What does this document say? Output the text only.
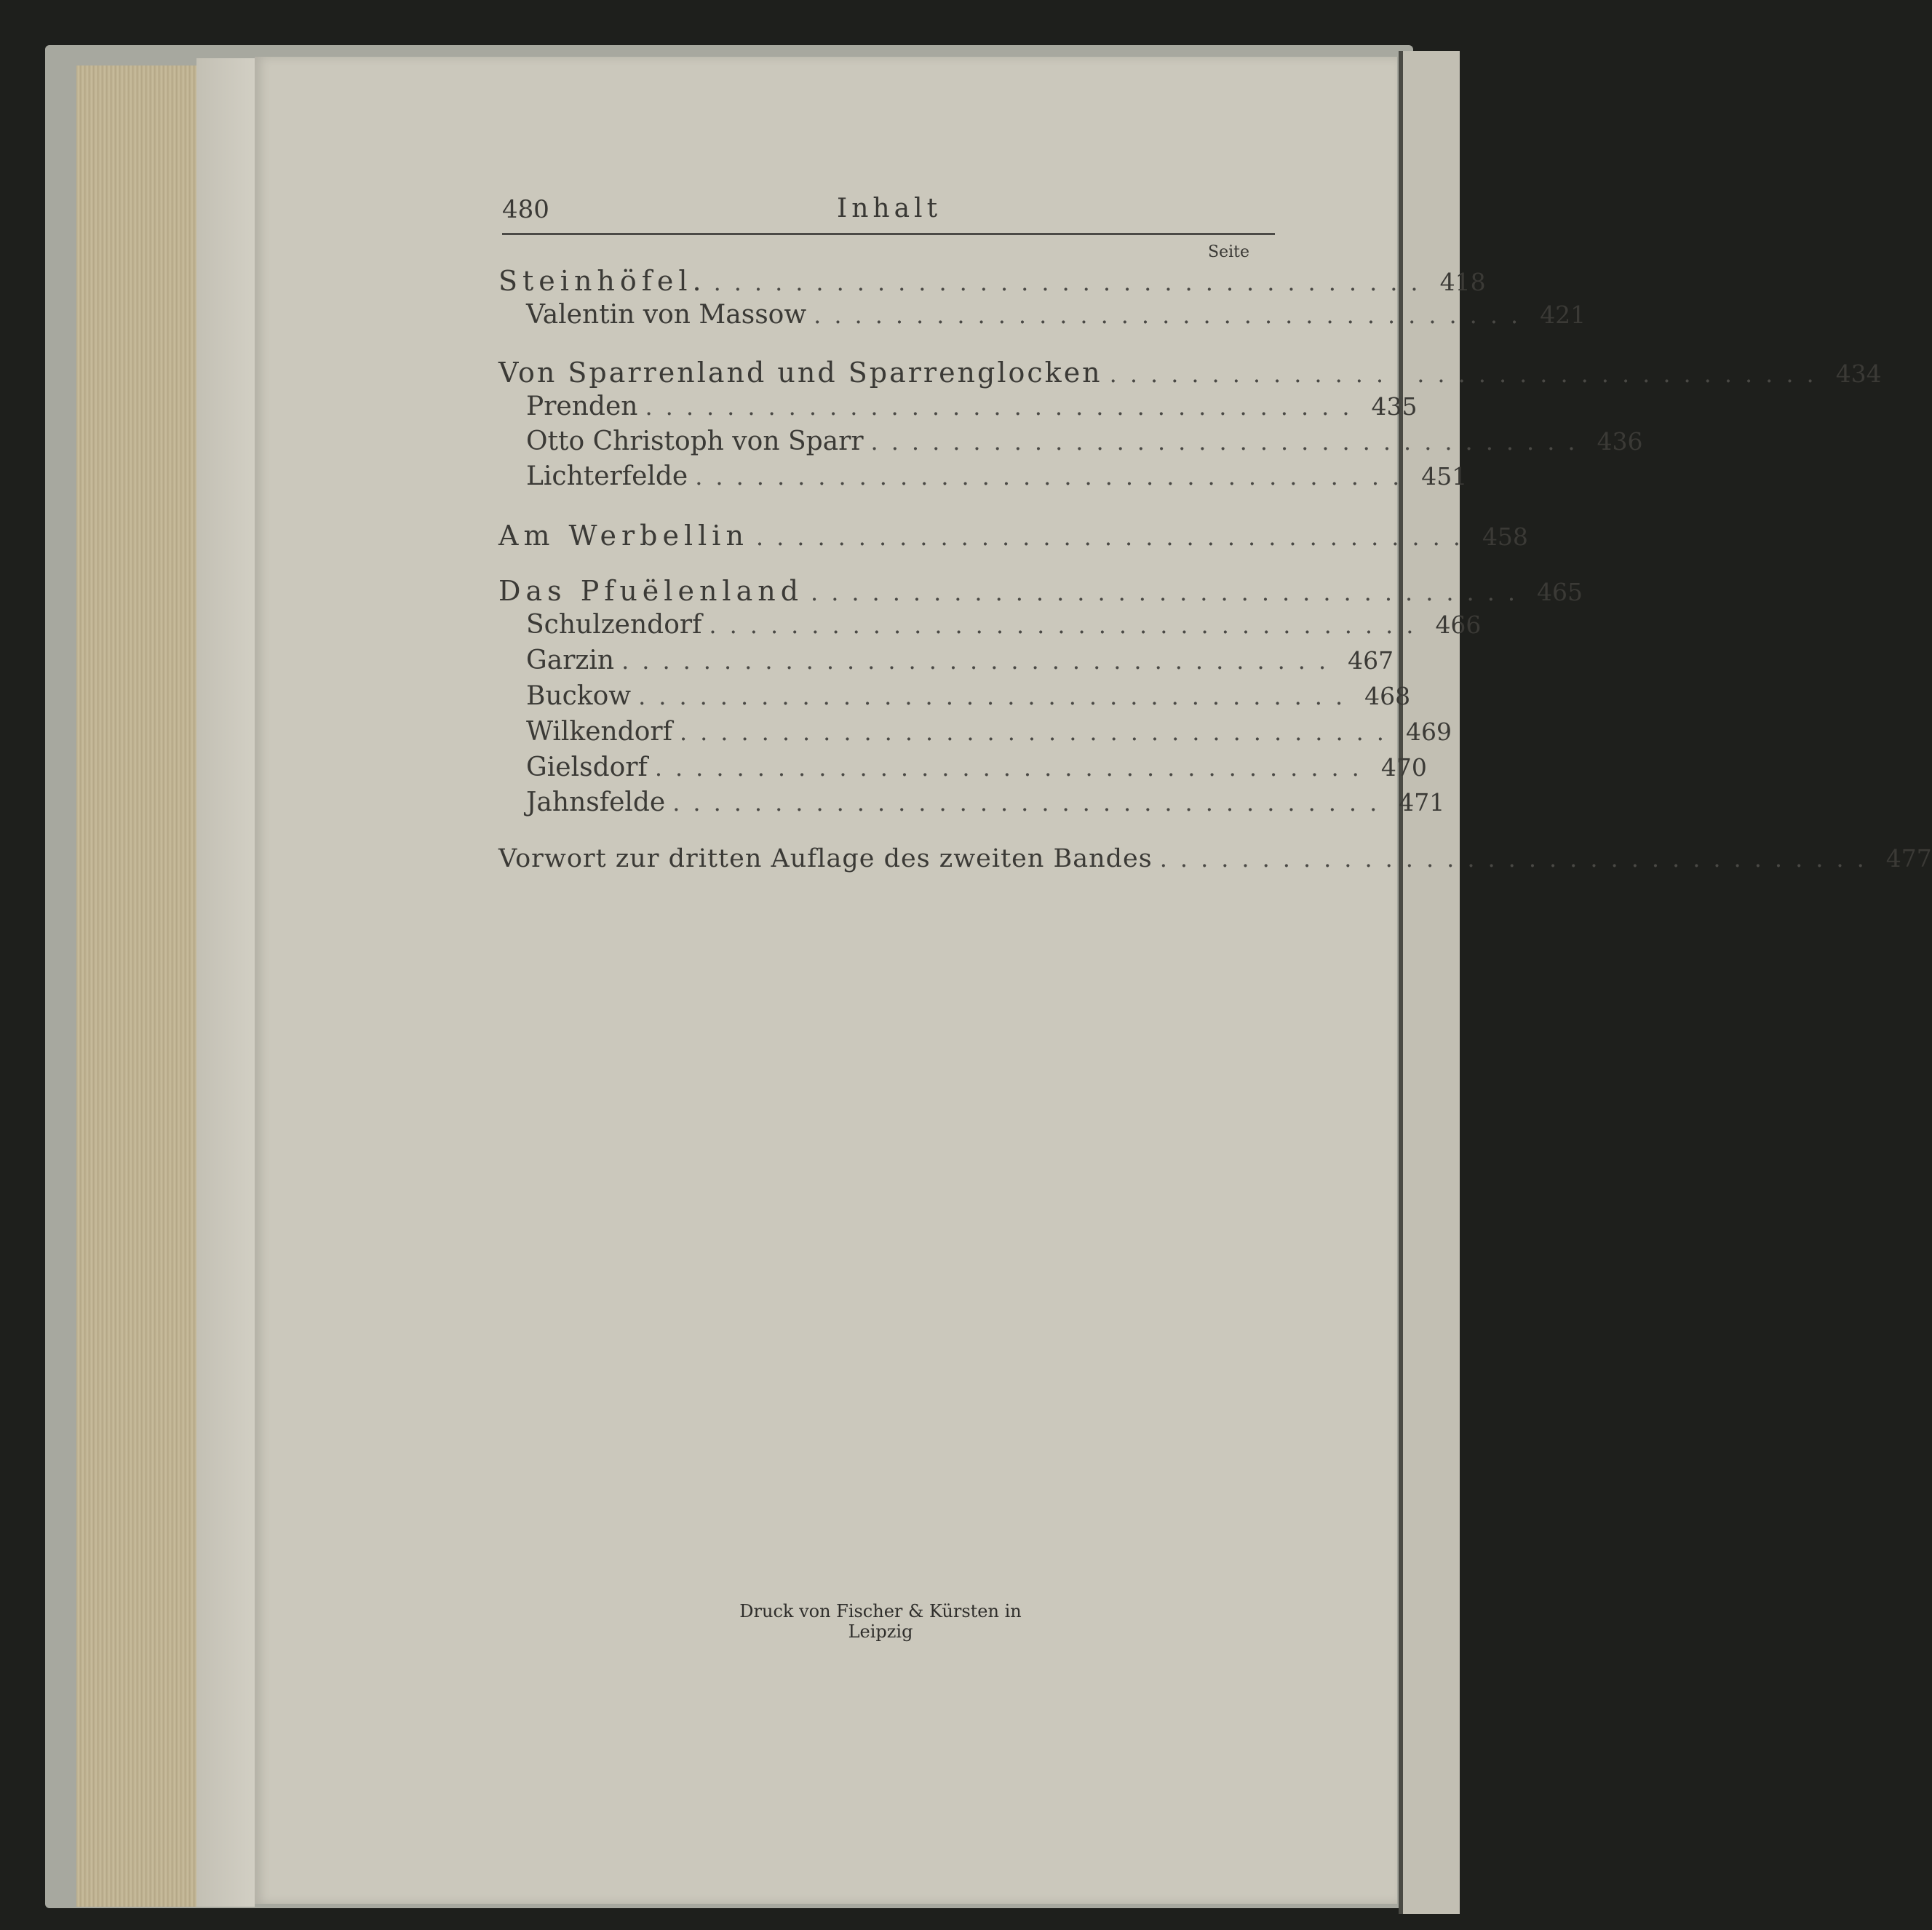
480	Inhalt
Seite
Steinhöfel. ................................... 418
Valentin von Massow ................................... 421
Von Sparrenland und Sparrenglocken ................................... 434
Prenden ................................... 435
Otto Christoph von Sparr ................................... 436
Lichterfelde ................................... 451
Am Werbellin ................................... 458
Das Pfuëlenland ................................... 465
Schulzendorf ................................... 466
Garzin ................................... 467
Buckow ................................... 468
Wilkendorf ................................... 469
Gielsdorf ................................... 470
Jahnsfelde ................................... 471
Vorwort zur dritten Auflage des zweiten Bandes ................................... 477
Druck von Fischer & Kürsten in Leipzig
